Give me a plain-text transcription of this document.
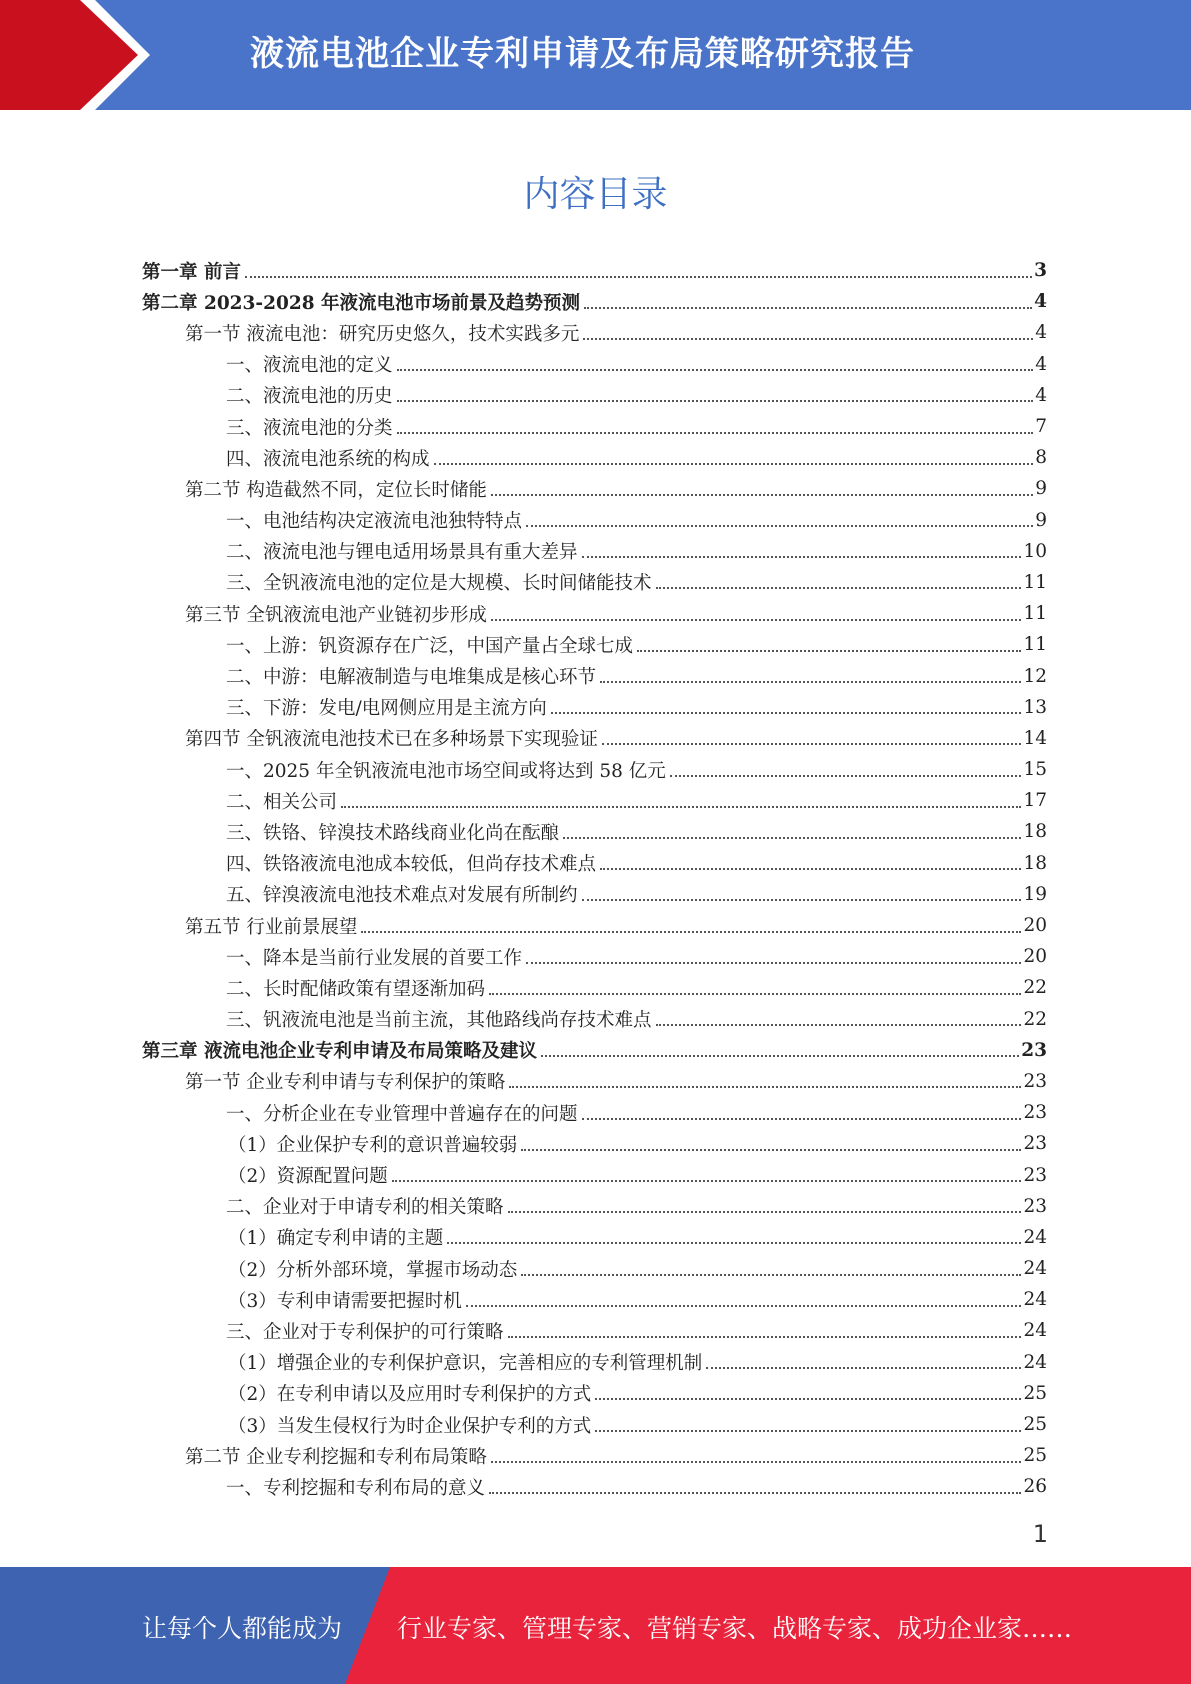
液流电池企业专利申请及布局策略研究报告
内容目录
第一章 前言	3
第二章 2023-2028 年液流电池市场前景及趋势预测	4
第一节 液流电池：研究历史悠久，技术实践多元	4
一、液流电池的定义	4
二、液流电池的历史	4
三、液流电池的分类	7
四、液流电池系统的构成	8
第二节 构造截然不同，定位长时储能	9
一、电池结构决定液流电池独特特点	9
二、液流电池与锂电适用场景具有重大差异	10
三、全钒液流电池的定位是大规模、长时间储能技术	11
第三节 全钒液流电池产业链初步形成	11
一、上游：钒资源存在广泛，中国产量占全球七成	11
二、中游：电解液制造与电堆集成是核心环节	12
三、下游：发电/电网侧应用是主流方向	13
第四节 全钒液流电池技术已在多种场景下实现验证	14
一、2025 年全钒液流电池市场空间或将达到 58 亿元	15
二、相关公司	17
三、铁铬、锌溴技术路线商业化尚在酝酿	18
四、铁铬液流电池成本较低，但尚存技术难点	18
五、锌溴液流电池技术难点对发展有所制约	19
第五节 行业前景展望	20
一、降本是当前行业发展的首要工作	20
二、长时配储政策有望逐渐加码	22
三、钒液流电池是当前主流，其他路线尚存技术难点	22
第三章 液流电池企业专利申请及布局策略及建议	23
第一节 企业专利申请与专利保护的策略	23
一、分析企业在专业管理中普遍存在的问题	23
（1）企业保护专利的意识普遍较弱	23
（2）资源配置问题	23
二、企业对于申请专利的相关策略	23
（1）确定专利申请的主题	24
（2）分析外部环境，掌握市场动态	24
（3）专利申请需要把握时机	24
三、企业对于专利保护的可行策略	24
（1）增强企业的专利保护意识，完善相应的专利管理机制	24
（2）在专利申请以及应用时专利保护的方式	25
（3）当发生侵权行为时企业保护专利的方式	25
第二节 企业专利挖掘和专利布局策略	25
一、专利挖掘和专利布局的意义	26
1
让每个人都能成为 行业专家、管理专家、营销专家、战略专家、成功企业家……
